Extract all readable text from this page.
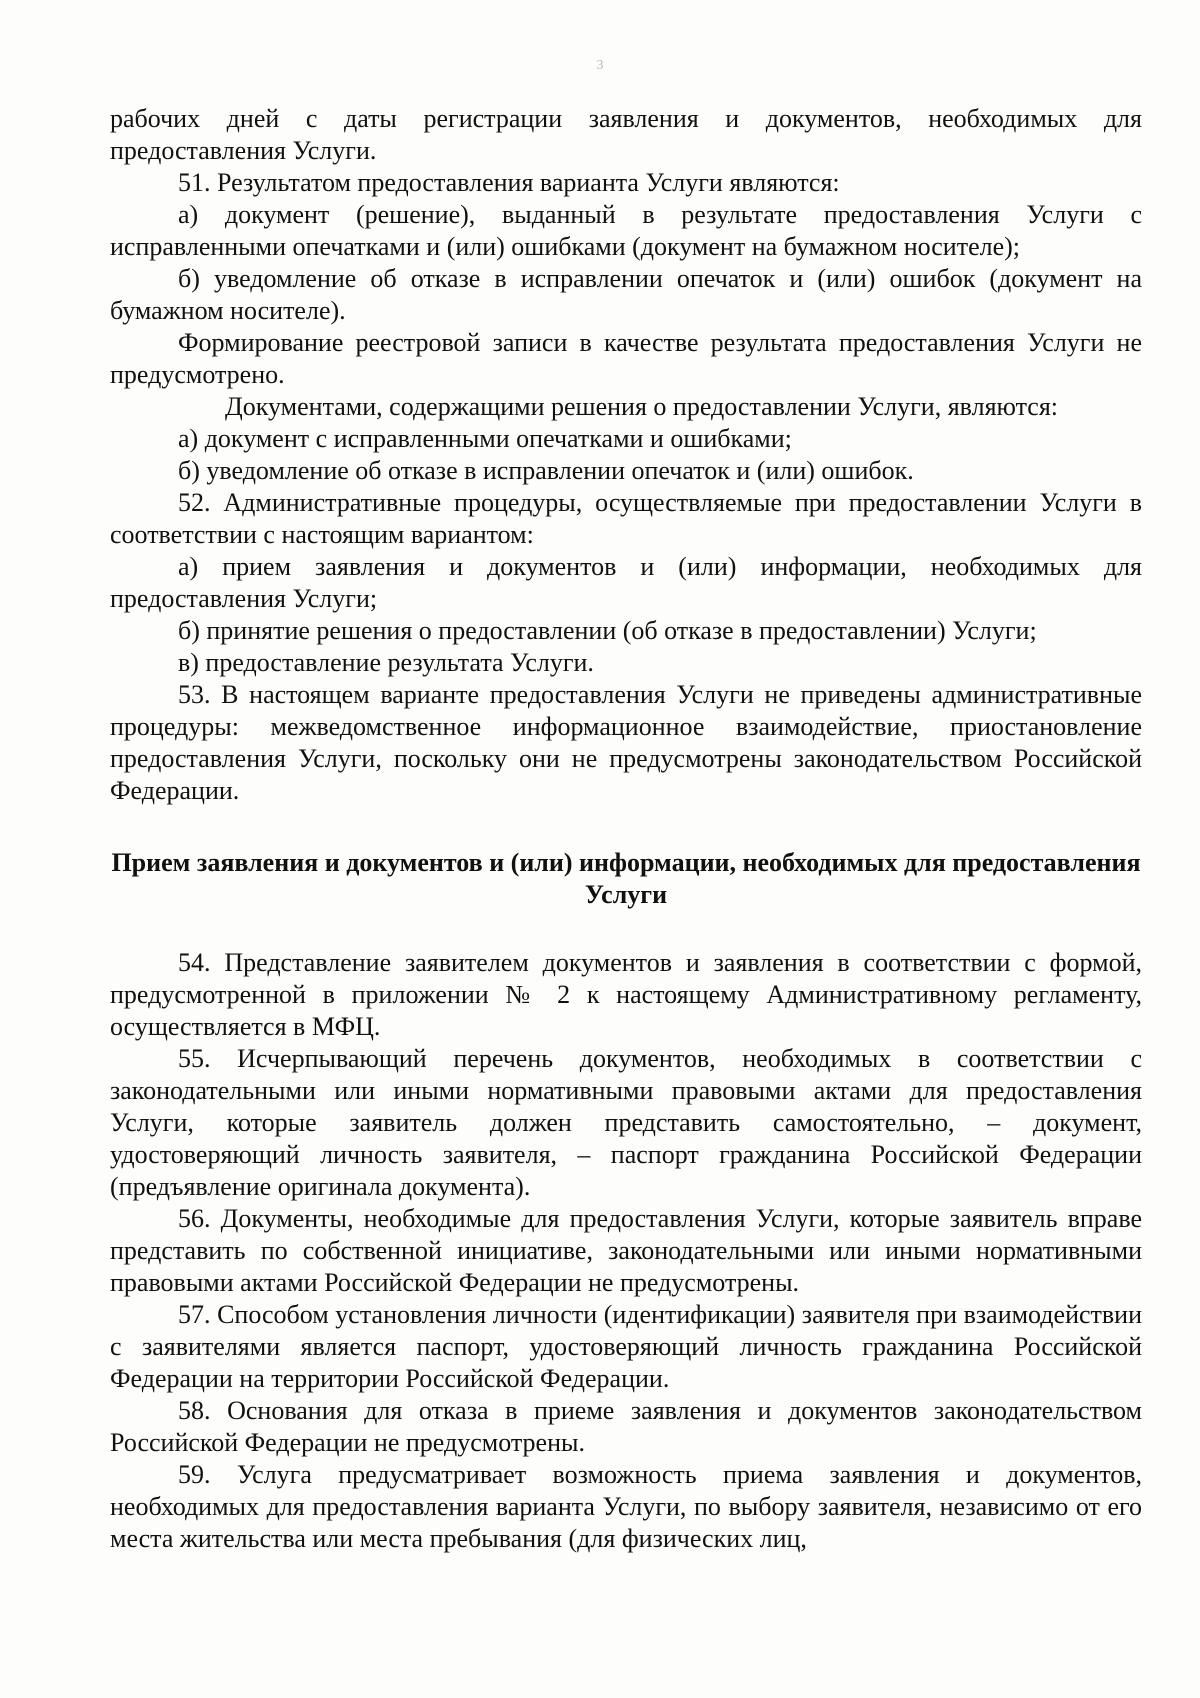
3

рабочих дней с даты регистрации заявления и документов, необходимых для предоставления Услуги.

51. Результатом предоставления варианта Услуги являются:

а) документ (решение), выданный в результате предоставления Услуги с исправленными опечатками и (или) ошибками (документ на бумажном носителе);

б) уведомление об отказе в исправлении опечаток и (или) ошибок (документ на бумажном носителе).

Формирование реестровой записи в качестве результата предоставления Услуги не предусмотрено.

Документами, содержащими решения о предоставлении Услуги, являются:

а) документ с исправленными опечатками и ошибками;

б) уведомление об отказе в исправлении опечаток и (или) ошибок.

52. Административные процедуры, осуществляемые при предоставлении Услуги в соответствии с настоящим вариантом:

а) прием заявления и документов и (или) информации, необходимых для предоставления Услуги;

б) принятие решения о предоставлении (об отказе в предоставлении) Услуги;

в) предоставление результата Услуги.

53. В настоящем варианте предоставления Услуги не приведены административные процедуры: межведомственное информационное взаимодействие, приостановление предоставления Услуги, поскольку они не предусмотрены законодательством Российской Федерации.

Прием заявления и документов и (или) информации, необходимых для предоставления Услуги

54. Представление заявителем документов и заявления в соответствии с формой, предусмотренной в приложении № 2 к настоящему Административному регламенту, осуществляется в МФЦ.

55. Исчерпывающий перечень документов, необходимых в соответствии с законодательными или иными нормативными правовыми актами для предоставления Услуги, которые заявитель должен представить самостоятельно, – документ, удостоверяющий личность заявителя, – паспорт гражданина Российской Федерации (предъявление оригинала документа).

56. Документы, необходимые для предоставления Услуги, которые заявитель вправе представить по собственной инициативе, законодательными или иными нормативными правовыми актами Российской Федерации не предусмотрены.

57. Способом установления личности (идентификации) заявителя при взаимодействии с заявителями является паспорт, удостоверяющий личность гражданина Российской Федерации на территории Российской Федерации.

58. Основания для отказа в приеме заявления и документов законодательством Российской Федерации не предусмотрены.

59. Услуга предусматривает возможность приема заявления и документов, необходимых для предоставления варианта Услуги, по выбору заявителя, независимо от его места жительства или места пребывания (для физических лиц,
